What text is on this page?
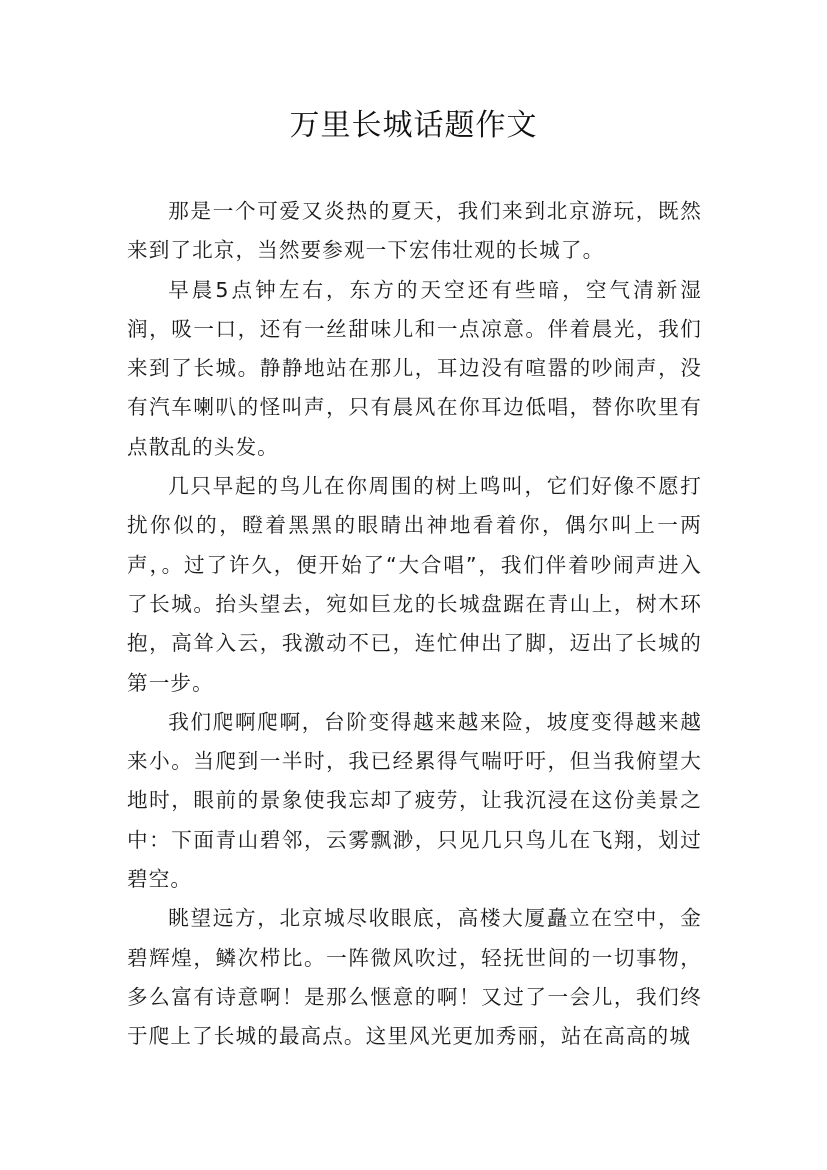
万里长城话题作文

那是一个可爱又炎热的夏天，我们来到北京游玩，既然来到了北京，当然要参观一下宏伟壮观的长城了。

早晨5点钟左右，东方的天空还有些暗，空气清新湿润，吸一口，还有一丝甜味儿和一点凉意。伴着晨光，我们来到了长城。静静地站在那儿，耳边没有喧嚣的吵闹声，没有汽车喇叭的怪叫声，只有晨风在你耳边低唱，替你吹里有点散乱的头发。

几只早起的鸟儿在你周围的树上鸣叫，它们好像不愿打扰你似的，瞪着黑黑的眼睛出神地看着你，偶尔叫上一两声，。过了许久，便开始了“大合唱”，我们伴着吵闹声进入了长城。抬头望去，宛如巨龙的长城盘踞在青山上，树木环抱，高耸入云，我激动不已，连忙伸出了脚，迈出了长城的第一步。

我们爬啊爬啊，台阶变得越来越来险，坡度变得越来越来小。当爬到一半时，我已经累得气喘吁吁，但当我俯望大地时，眼前的景象使我忘却了疲劳，让我沉浸在这份美景之中：下面青山碧邻，云雾飘渺，只见几只鸟儿在飞翔，划过碧空。

眺望远方，北京城尽收眼底，高楼大厦矗立在空中，金碧辉煌，鳞次栉比。一阵微风吹过，轻抚世间的一切事物，多么富有诗意啊！是那么惬意的啊！又过了一会儿，我们终于爬上了长城的最高点。这里风光更加秀丽，站在高高的城
